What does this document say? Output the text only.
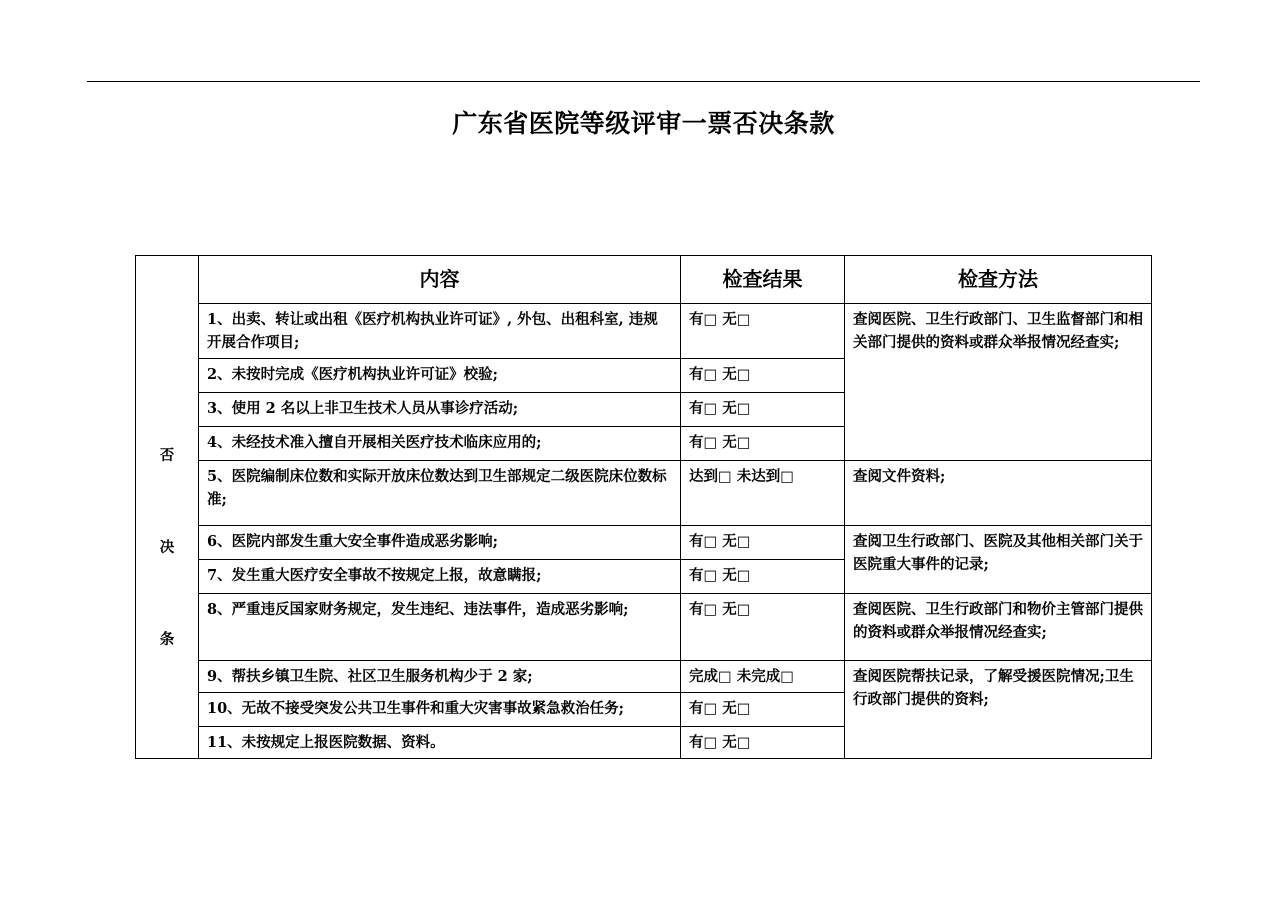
广东省医院等级评审一票否决条款
否
决
条	内容	检查结果	检查方法
	1、出卖、转让或出租《医疗机构执业许可证》, 外包、出租科室, 违规开展合作项目;	有□ 无□	查阅医院、卫生行政部门、卫生监督部门和相关部门提供的资料或群众举报情况经查实;
	2、未按时完成《医疗机构执业许可证》校验;	有□ 无□	
	3、使用 2 名以上非卫生技术人员从事诊疗活动;	有□ 无□	
	4、未经技术准入擅自开展相关医疗技术临床应用的;	有□ 无□	
	5、医院编制床位数和实际开放床位数达到卫生部规定二级医院床位数标准;	达到□ 未达到□	查阅文件资料;
	6、医院内部发生重大安全事件造成恶劣影响;	有□ 无□	查阅卫生行政部门、医院及其他相关部门关于医院重大事件的记录;
	7、发生重大医疗安全事故不按规定上报，故意瞒报;	有□ 无□	
	8、严重违反国家财务规定，发生违纪、违法事件，造成恶劣影响;	有□ 无□	查阅医院、卫生行政部门和物价主管部门提供的资料或群众举报情况经查实;
	9、帮扶乡镇卫生院、社区卫生服务机构少于 2 家;	完成□ 未完成□	查阅医院帮扶记录，了解受援医院情况;卫生行政部门提供的资料;
	10、无故不接受突发公共卫生事件和重大灾害事故紧急救治任务;	有□ 无□	
	11、未按规定上报医院数据、资料。	有□ 无□	
